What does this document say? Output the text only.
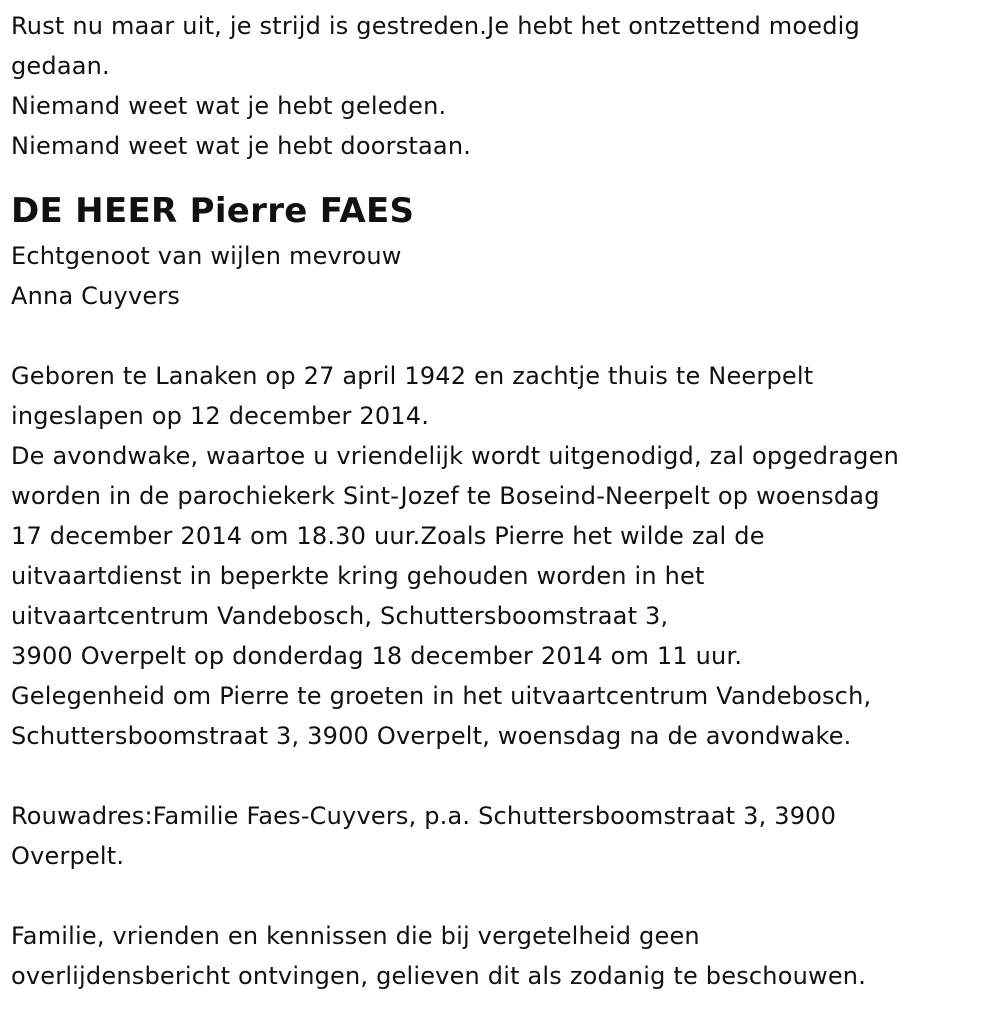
Rust nu maar uit, je strijd is gestreden.Je hebt het ontzettend moedig
gedaan.
Niemand weet wat je hebt geleden.
Niemand weet wat je hebt doorstaan.
DE HEER Pierre FAES
Echtgenoot van wijlen mevrouw
Anna Cuyvers
Geboren te Lanaken op 27 april 1942 en zachtje thuis te Neerpelt
ingeslapen op 12 december 2014.
De avondwake, waartoe u vriendelijk wordt uitgenodigd, zal opgedragen
worden in de parochiekerk Sint-Jozef te Boseind-Neerpelt op woensdag
17 december 2014 om 18.30 uur.Zoals Pierre het wilde zal de
uitvaartdienst in beperkte kring gehouden worden in het
uitvaartcentrum Vandebosch, Schuttersboomstraat 3,
3900 Overpelt op donderdag 18 december 2014 om 11 uur.
Gelegenheid om Pierre te groeten in het uitvaartcentrum Vandebosch,
Schuttersboomstraat 3, 3900 Overpelt, woensdag na de avondwake.
Rouwadres:Familie Faes-Cuyvers, p.a. Schuttersboomstraat 3, 3900
Overpelt.
Familie, vrienden en kennissen die bij vergetelheid geen
overlijdensbericht ontvingen, gelieven dit als zodanig te beschouwen.
